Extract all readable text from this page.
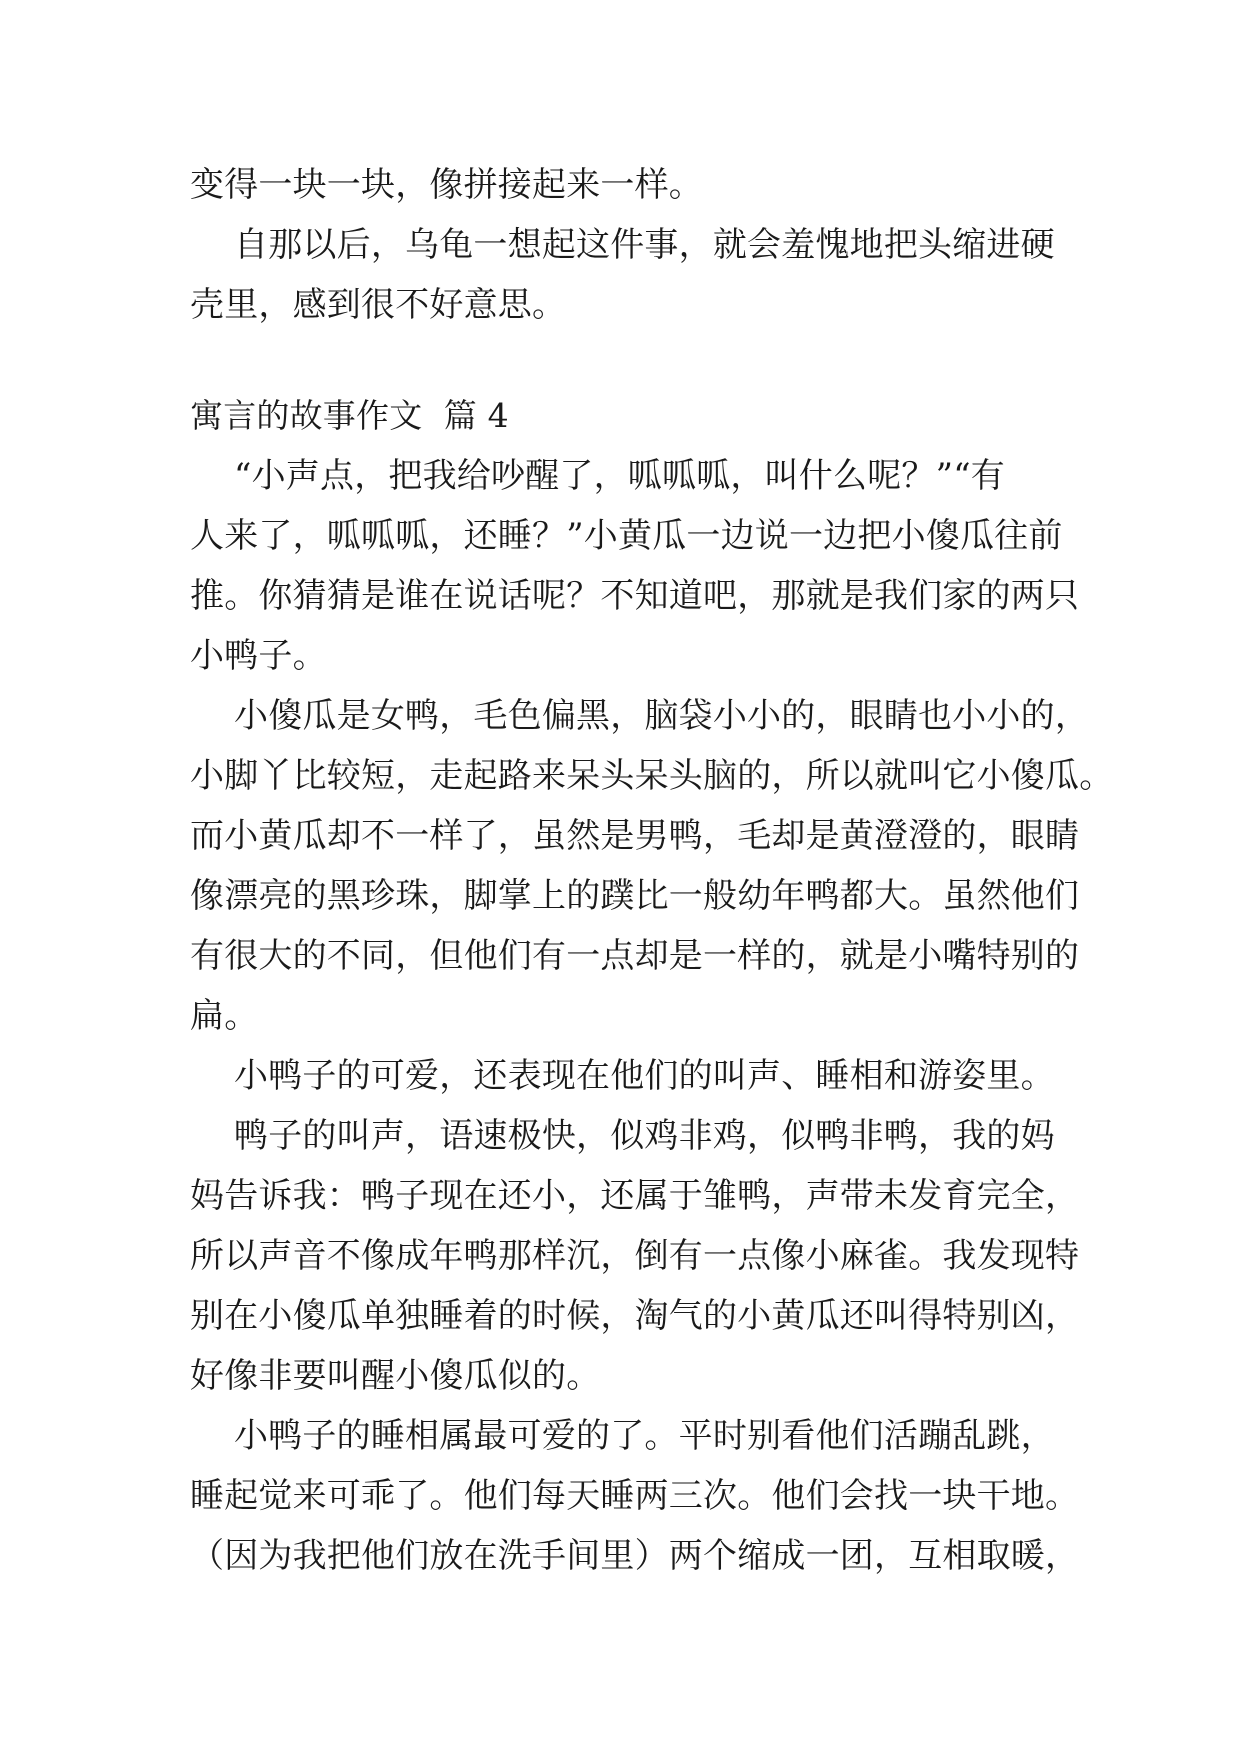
变得一块一块，像拼接起来一样。
自那以后，乌龟一想起这件事，就会羞愧地把头缩进硬
壳里，感到很不好意思。
寓言的故事作文  篇 4
“小声点，把我给吵醒了，呱呱呱，叫什么呢？”“有
人来了，呱呱呱，还睡？”小黄瓜一边说一边把小傻瓜往前
推。你猜猜是谁在说话呢？不知道吧，那就是我们家的两只
小鸭子。
小傻瓜是女鸭，毛色偏黑，脑袋小小的，眼睛也小小的，
小脚丫比较短，走起路来呆头呆头脑的，所以就叫它小傻瓜。
而小黄瓜却不一样了，虽然是男鸭，毛却是黄澄澄的，眼睛
像漂亮的黑珍珠，脚掌上的蹼比一般幼年鸭都大。虽然他们
有很大的不同，但他们有一点却是一样的，就是小嘴特别的
扁。
小鸭子的可爱，还表现在他们的叫声、睡相和游姿里。
鸭子的叫声，语速极快，似鸡非鸡，似鸭非鸭，我的妈
妈告诉我：鸭子现在还小，还属于雏鸭，声带未发育完全，
所以声音不像成年鸭那样沉，倒有一点像小麻雀。我发现特
别在小傻瓜单独睡着的时候，淘气的小黄瓜还叫得特别凶，
好像非要叫醒小傻瓜似的。
小鸭子的睡相属最可爱的了。平时别看他们活蹦乱跳，
睡起觉来可乖了。他们每天睡两三次。他们会找一块干地。
（因为我把他们放在洗手间里）两个缩成一团，互相取暖，
